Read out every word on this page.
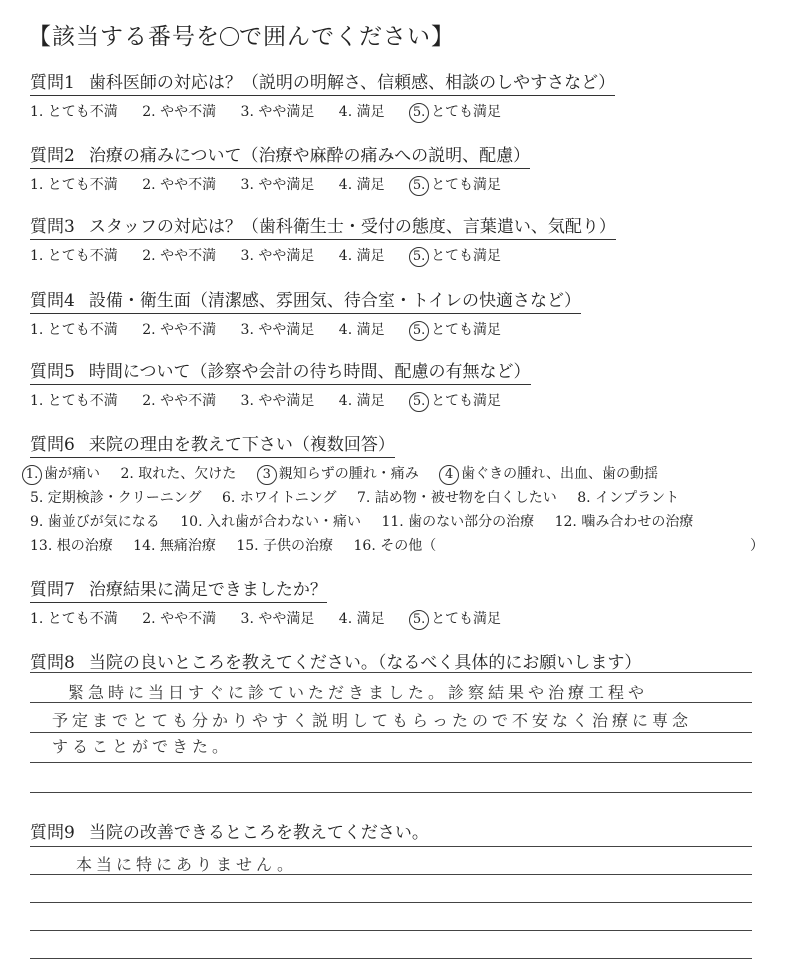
【該当する番号を で囲んでください】
質問1 歯科医師の対応は？（説明の明解さ、信頼感、相談のしやすさなど）
1. とても不満 2. やや不満 3. やや満足 4. 満足 5. とても満足
質問2 治療の痛みについて（治療や麻酔の痛みへの説明、配慮）
1. とても不満 2. やや不満 3. やや満足 4. 満足 5. とても満足
質問3 スタッフの対応は？（歯科衛生士・受付の態度、言葉遣い、気配り）
1. とても不満 2. やや不満 3. やや満足 4. 満足 5. とても満足
質問4 設備・衛生面（清潔感、雰囲気、待合室・トイレの快適さなど）
1. とても不満 2. やや不満 3. やや満足 4. 満足 5. とても満足
質問5 時間について（診察や会計の待ち時間、配慮の有無など）
1. とても不満 2. やや不満 3. やや満足 4. 満足 5. とても満足
質問6 来院の理由を教えて下さい（複数回答）
1. 歯が痛い 2. 取れた、欠けた 3 親知らずの腫れ・痛み 4 歯ぐきの腫れ、出血、歯の動揺
5. 定期検診・クリーニング 6. ホワイトニング 7. 詰め物・被せ物を白くしたい 8. インプラント
9. 歯並びが気になる 10. 入れ歯が合わない・痛い 11. 歯のない部分の治療 12. 噛み合わせの治療
13. 根の治療 14. 無痛治療 15. 子供の治療 16. その他（	）
質問7 治療結果に満足できましたか？
1. とても不満 2. やや不満 3. やや満足 4. 満足 5. とても満足
質問8 当院の良いところを教えてください。（なるべく具体的にお願いします）
緊急時に当日すぐに診ていただきました。診察結果や治療工程や
予定までとても分かりやすく説明してもらったので不安なく治療に専念
することができた。
質問9 当院の改善できるところを教えてください。
本当に特にありません。
